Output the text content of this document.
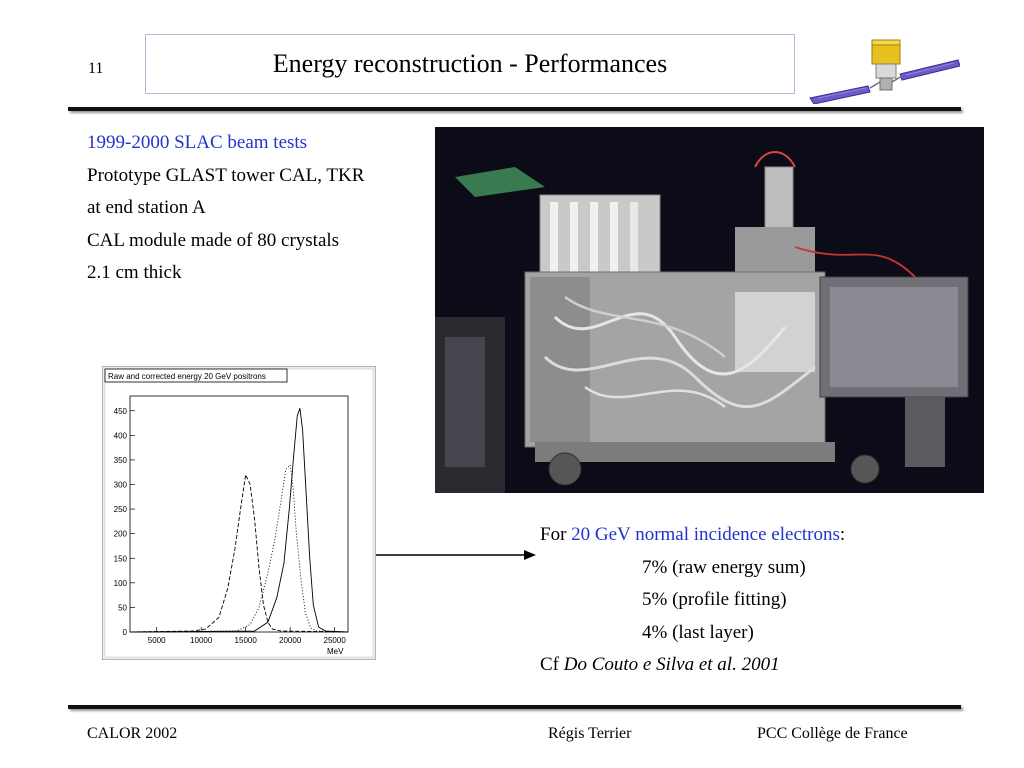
11	Energy reconstruction - Performances
1999-2000 SLAC beam tests
Prototype GLAST tower CAL, TKR
at end station A
CAL module made of 80 crystals
2.1 cm thick
Raw and corrected energy 20 GeV positrons
0
50
100
150
200
250
300
350
400
450
5000	10000	15000	20000	25000
MeV
For 20 GeV normal incidence electrons:
7% (raw energy sum)
5% (profile fitting)
4% (last layer)
Cf Do Couto e Silva et al. 2001
CALOR 2002	Régis Terrier	PCC Collège de France
